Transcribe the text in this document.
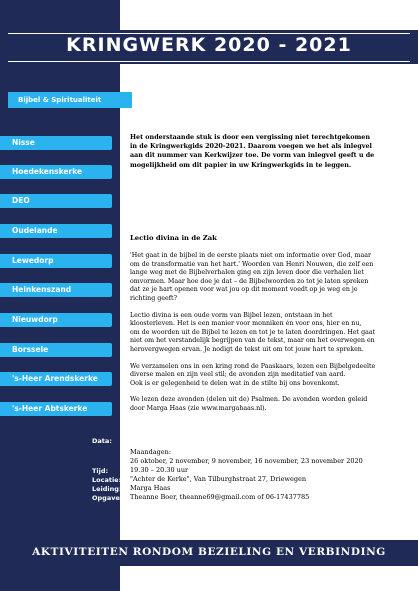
KRINGWERK 2020 - 2021
Bijbel & Spiritualiteit
Nisse
Hoedekenskerke
DEO
Oudelande
Lewedorp
Heinkenszand
Nieuwdorp
Borssele
's-Heer Arendskerke
's-Heer Abtskerke
Het onderstaande stuk is door een vergissing niet terechtgekomen
in de Kringwerkgids 2020-2021. Daarom voegen we het als inlegvel
aan dit nummer van Kerkwijzer toe. De vorm van inlegvel geeft u de
mogelijkheid om dit papier in uw Kringwerkgids in te leggen.
Lectio divina in de Zak

'Het gaat in de bijbel in de eerste plaats niet om informatie over God, maar
om de transformatie van het hart.' Woorden van Henri Nouwen, die zelf een
lange weg met de Bijbelverhalen ging en zijn leven door die verhalen liet
omvormen. Maar hoe doe je dat – de Bijbelwoorden zo tot je laten spreken
dat ze je hart openen voor wat jou op dit moment voedt op je weg en je
richting geeft?

Lectio divina is een oude vorm van Bijbel lezen, ontstaan in het
kloosterleven. Het is een manier voor monniken én voor ons, hier en nu,
om de woorden uit de Bijbel te lezen en tot je te laten doordringen. Het gaat
niet om het verstandelijk begrijpen van de tekst, maar om het overwegen en
herovergwegen ervan. Je nodigt de tekst uit om tot jouw hart te spreken.

We verzamelen ons in een kring rond de Paaskaars, lezen een Bijbelgedeelte
diverse malen en zijn veel stil; de avonden zijn meditatief van aard.
Ook is er gelegenheid te delen wat in de stilte bij ons bovenkomt.

We lezen deze avonden (delen uit de) Psalmen. De avonden worden geleid
door Marga Haas (zie www.margahaas.nl).

Data:
Maandagen:
26 oktober, 2 november, 9 november, 16 november, 23 november 2020
Tijd:	19.30 – 20.30 uur
Locatie: "Achter de Kerke", Van Tilburghstraat 27, Driewegen
Leiding: Marga Haas
Opgave: Theanne Boer, theanne69@gmail.com of 06-17437785
AKTIVITEITEN RONDOM BEZIELING EN VERBINDING
